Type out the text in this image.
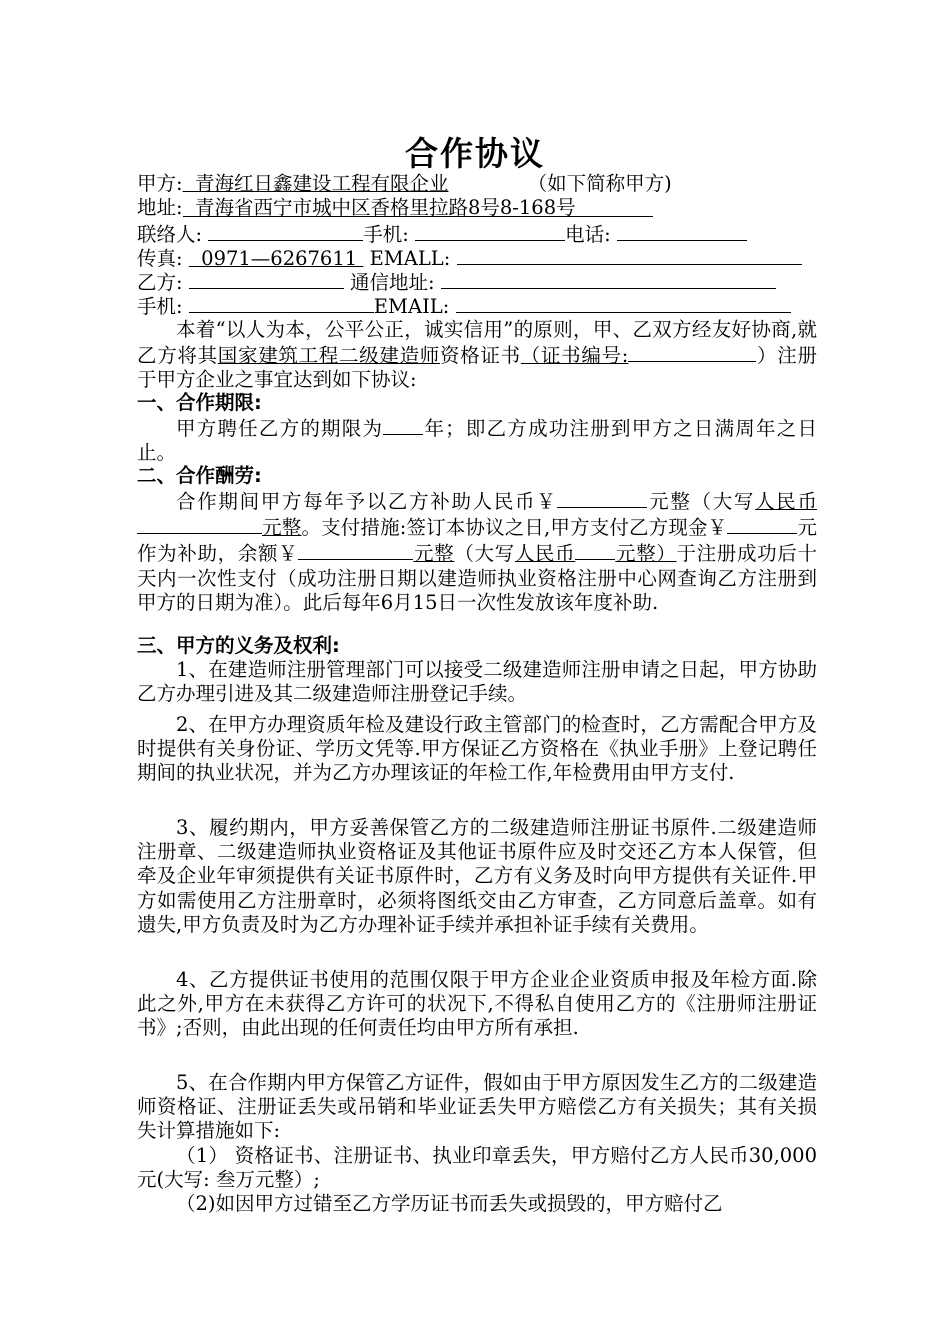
合作协议
甲方:  青海红日鑫建设工程有限企业	（如下简称甲方)
地址:  青海省西宁市城中区香格里拉路8号8-168号
联络人:	手机:	电话:
传真:   0971—6267611  EMALL:
乙方:	通信地址:
手机:	EMAIL:
本着“以人为本，公平公正，诚实信用”的原则，甲、乙双方经友好协商,就乙方将其国家建筑工程二级建造师资格证书（证书编号:	）注册于甲方企业之事宜达到如下协议:
一、合作期限:
甲方聘任乙方的期限为 年；即乙方成功注册到甲方之日满周年之日止。
二、合作酬劳:
合作期间甲方每年予以乙方补助人民币￥	元整（大写人民币元整。支付措施:签订本协议之日,甲方支付乙方现金￥	元作为补助，余额￥	元整（大写人民币 元整）于注册成功后十天内一次性支付（成功注册日期以建造师执业资格注册中心网查询乙方注册到甲方的日期为准）。此后每年6月15日一次性发放该年度补助.
三、甲方的义务及权利:
1、在建造师注册管理部门可以接受二级建造师注册申请之日起，甲方协助乙方办理引进及其二级建造师注册登记手续。
2、在甲方办理资质年检及建设行政主管部门的检查时，乙方需配合甲方及时提供有关身份证、学历文凭等.甲方保证乙方资格在《执业手册》上登记聘任期间的执业状况，并为乙方办理该证的年检工作,年检费用由甲方支付.
3、履约期内，甲方妥善保管乙方的二级建造师注册证书原件.二级建造师注册章、二级建造师执业资格证及其他证书原件应及时交还乙方本人保管，但牵及企业年审须提供有关证书原件时，乙方有义务及时向甲方提供有关证件.甲方如需使用乙方注册章时，必须将图纸交由乙方审查，乙方同意后盖章。如有遗失,甲方负责及时为乙方办理补证手续并承担补证手续有关费用。
4、乙方提供证书使用的范围仅限于甲方企业企业资质申报及年检方面.除此之外,甲方在未获得乙方许可的状况下,不得私自使用乙方的《注册师注册证书》;否则，由此出现的任何责任均由甲方所有承担.
5、在合作期内甲方保管乙方证件，假如由于甲方原因发生乙方的二级建造师资格证、注册证丢失或吊销和毕业证丢失甲方赔偿乙方有关损失；其有关损失计算措施如下:
（1） 资格证书、注册证书、执业印章丢失，甲方赔付乙方人民币30,000元(大写: 叁万元整）;
（2)如因甲方过错至乙方学历证书而丢失或损毁的，甲方赔付乙
